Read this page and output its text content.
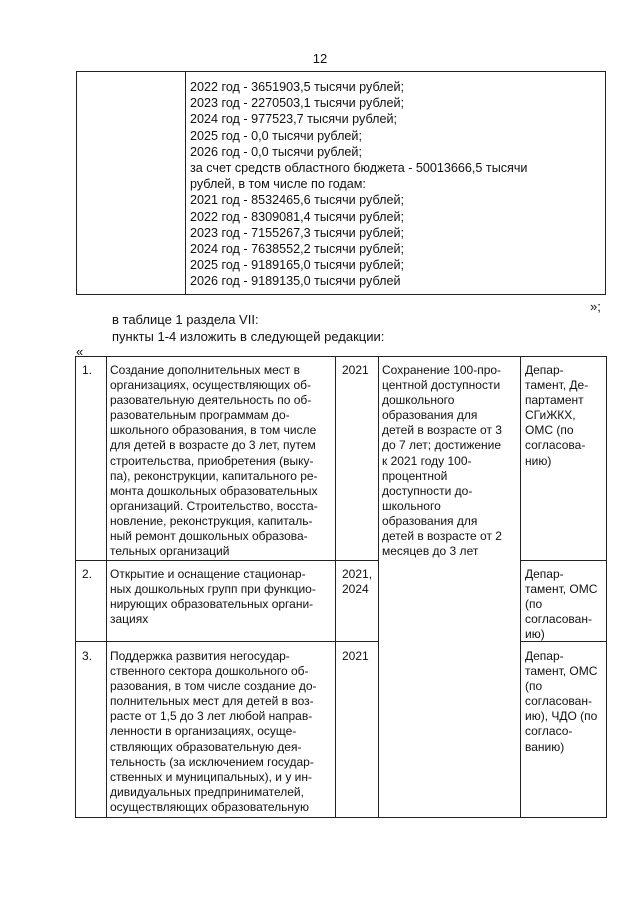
12
2022 год - 3651903,5 тысячи рублей;
2023 год - 2270503,1 тысячи рублей;
2024 год - 977523,7 тысячи рублей;
2025 год - 0,0 тысячи рублей;
2026 год - 0,0 тысячи рублей;
за счет средств областного бюджета - 50013666,5 тысячи
рублей, в том числе по годам:
2021 год - 8532465,6 тысячи рублей;
2022 год - 8309081,4 тысячи рублей;
2023 год - 7155267,3 тысячи рублей;
2024 год - 7638552,2 тысячи рублей;
2025 год - 9189165,0 тысячи рублей;
2026 год - 9189135,0 тысячи рублей
»;
в таблице 1 раздела VII:
пункты 1-4 изложить в следующей редакции:
«
1. Создание дополнительных мест в
организациях, осуществляющих об-
разовательную деятельность по об-
разовательным программам до-
школьного образования, в том числе
для детей в возрасте до 3 лет, путем
строительства, приобретения (выку-
па), реконструкции, капитального ре-
монта дошкольных образовательных
организаций. Строительство, восста-
новление, реконструкция, капиталь-
ный ремонт дошкольных образова-
тельных организаций
2021	Депар-
тамент, Де-
партамент
СГиЖКХ,
ОМС (по
согласова-
нию)
Сохранение 100-про-
центной доступности
дошкольного
образования для
детей в возрасте от 3
до 7 лет; достижение
к 2021 году 100-
процентной
доступности до-
школьного
образования для
детей в возрасте от 2
месяцев до 3 лет
2. Открытие и оснащение стационар-
ных дошкольных групп при функцио-
нирующих образовательных органи-
зациях
2021,
2024
Депар-
тамент, ОМС
(по
согласован-
ию)
3. Поддержка развития негосудар-
ственного сектора дошкольного об-
разования, в том числе создание до-
полнительных мест для детей в воз-
расте от 1,5 до 3 лет любой направ-
ленности в организациях, осуще-
ствляющих образовательную дея-
тельность (за исключением государ-
ственных и муниципальных), и у ин-
дивидуальных предпринимателей,
осуществляющих образовательную
2021	Депар-
тамент, ОМС
(по
согласован-
ию), ЧДО (по
согласо-
ванию)
